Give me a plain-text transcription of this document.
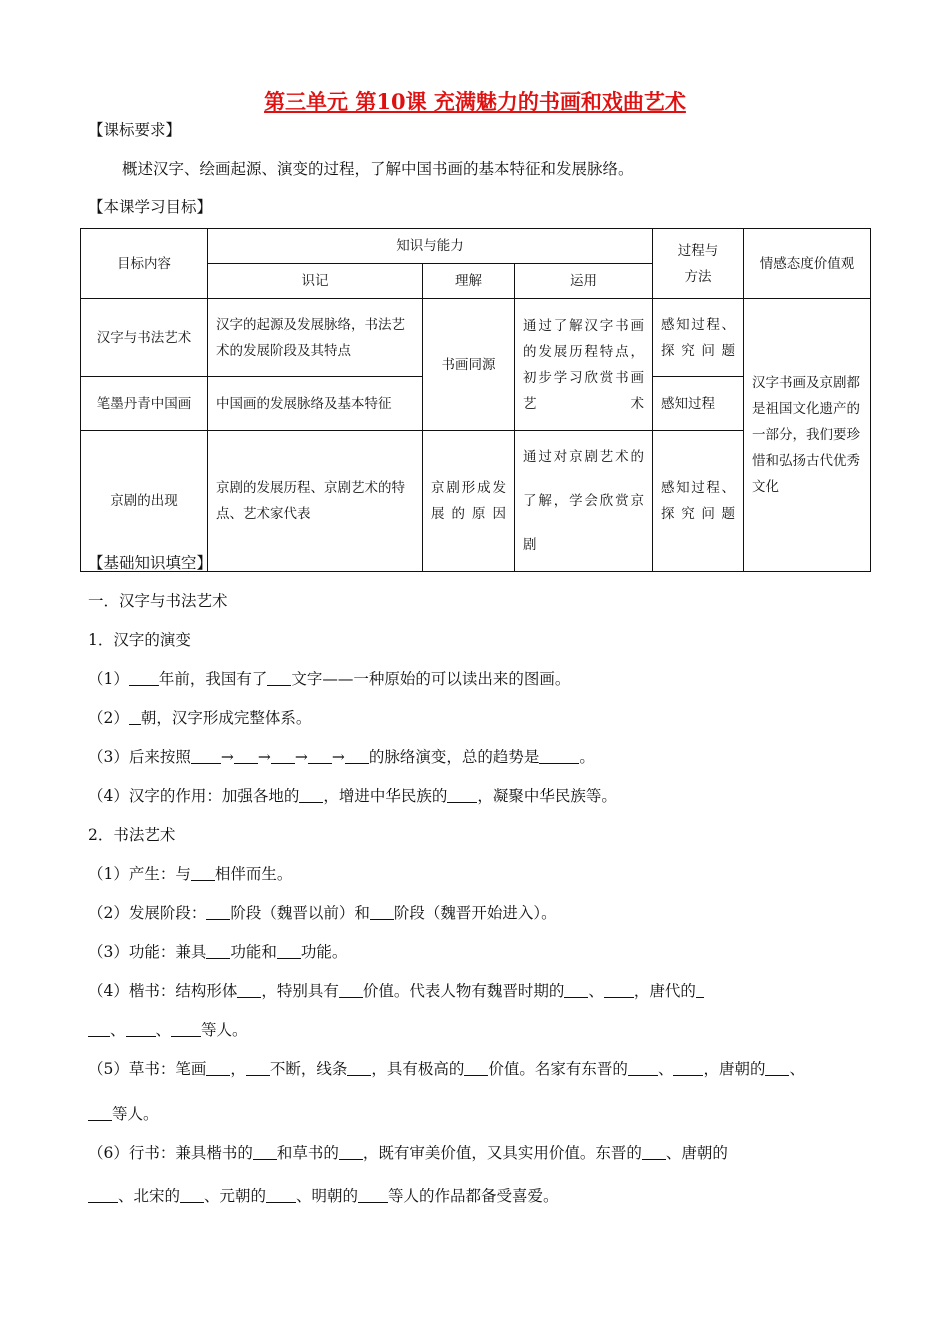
第三单元 第10课 充满魅力的书画和戏曲艺术
【课标要求】
概述汉字、绘画起源、演变的过程，了解中国书画的基本特征和发展脉络。
【本课学习目标】
目标内容	知识与能力			过程与
方法	情感态度价值观
	识记	理解	运用		
汉字与书法艺术	汉字的起源及发展脉络，书法艺术的发展阶段及其特点	书画同源	通过了解汉字书画的发展历程特点，初步学习欣赏书画艺术	感知过程、探究问题	汉字书画及京剧都是祖国文化遗产的一部分，我们要珍惜和弘扬古代优秀文化
笔墨丹青中国画	中国画的发展脉络及基本特征			感知过程	
京剧的出现	京剧的发展历程、京剧艺术的特点、艺术家代表	京剧形成发展的原因	通过对京剧艺术的了解，学会欣赏京剧	感知过程、探究问题	
【基础知识填空】
一．汉字与书法艺术
1．汉字的演变
（1） 年前，我国有了 文字——一种原始的可以读出来的图画。
（2） 朝，汉字形成完整体系。
（3）后来按照 → → → → 的脉络演变，总的趋势是	。
（4）汉字的作用：加强各地的 ，增进中华民族的 ，凝聚中华民族等。
2．书法艺术
（1）产生：与 相伴而生。
（2）发展阶段： 阶段（魏晋以前）和 阶段（魏晋开始进入）。
（3）功能：兼具 功能和 功能。
（4）楷书：结构形体 ，特别具有 价值。代表人物有魏晋时期的 、 ，唐代的
、 、 等人。
（5）草书：笔画 ， 不断，线条 ，具有极高的 价值。名家有东晋的 、 ，唐朝的 、
等人。
（6）行书：兼具楷书的 和草书的 ，既有审美价值，又具实用价值。东晋的 、唐朝的
、北宋的 、元朝的 、明朝的 等人的作品都备受喜爱。
